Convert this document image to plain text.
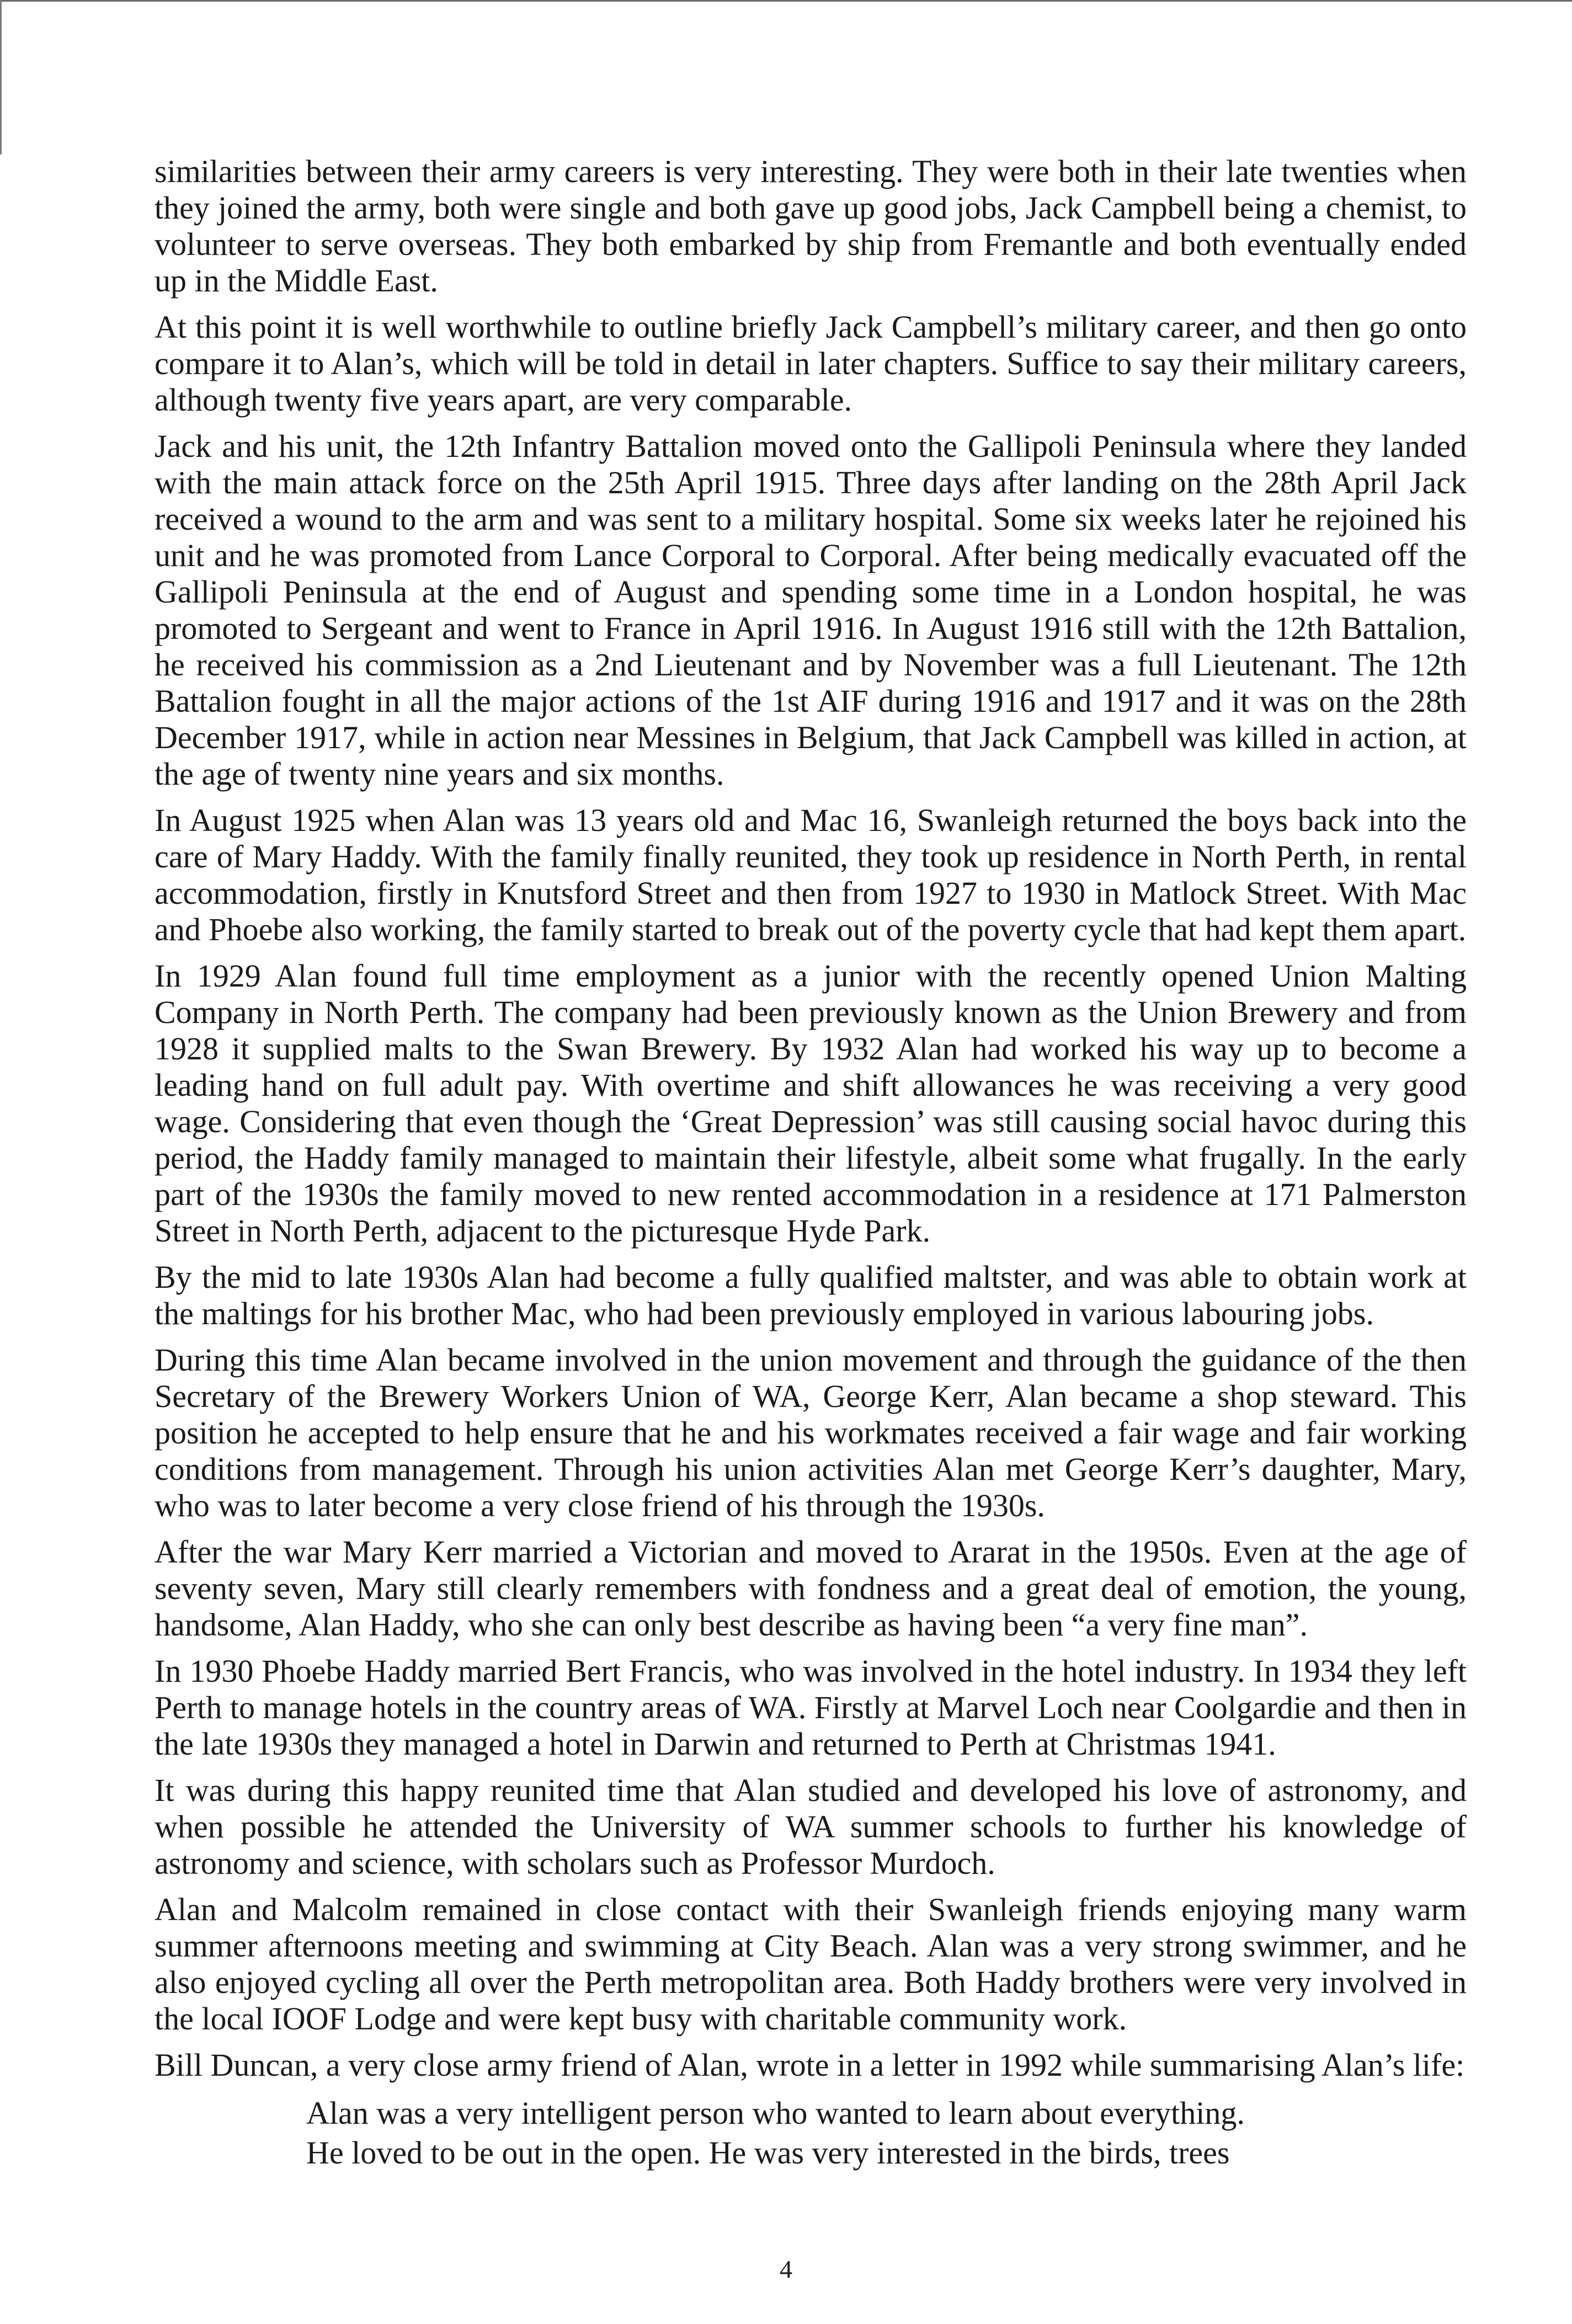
similarities between their army careers is very interesting. They were both in their late twenties when they joined the army, both were single and both gave up good jobs, Jack Campbell being a chemist, to volunteer to serve overseas. They both embarked by ship from Fremantle and both eventually ended up in the Middle East.

At this point it is well worthwhile to outline briefly Jack Campbell’s military career, and then go onto compare it to Alan’s, which will be told in detail in later chapters. Suffice to say their military careers, although twenty five years apart, are very comparable.

Jack and his unit, the 12th Infantry Battalion moved onto the Gallipoli Peninsula where they landed with the main attack force on the 25th April 1915. Three days after landing on the 28th April Jack received a wound to the arm and was sent to a military hospital. Some six weeks later he rejoined his unit and he was promoted from Lance Corporal to Corporal. After being medically evacuated off the Gallipoli Peninsula at the end of August and spending some time in a London hospital, he was promoted to Sergeant and went to France in April 1916. In August 1916 still with the 12th Battalion, he received his commission as a 2nd Lieutenant and by November was a full Lieutenant. The 12th Battalion fought in all the major actions of the 1st AIF during 1916 and 1917 and it was on the 28th December 1917, while in action near Messines in Belgium, that Jack Campbell was killed in action, at the age of twenty nine years and six months.

In August 1925 when Alan was 13 years old and Mac 16, Swanleigh returned the boys back into the care of Mary Haddy. With the family finally reunited, they took up residence in North Perth, in rental accommodation, firstly in Knutsford Street and then from 1927 to 1930 in Matlock Street. With Mac and Phoebe also working, the family started to break out of the poverty cycle that had kept them apart.

In 1929 Alan found full time employment as a junior with the recently opened Union Malting Company in North Perth. The company had been previously known as the Union Brewery and from 1928 it supplied malts to the Swan Brewery. By 1932 Alan had worked his way up to become a leading hand on full adult pay. With overtime and shift allowances he was receiving a very good wage. Considering that even though the ‘Great Depression’ was still causing social havoc during this period, the Haddy family managed to maintain their lifestyle, albeit some what frugally. In the early part of the 1930s the family moved to new rented accommodation in a residence at 171 Palmerston Street in North Perth, adjacent to the picturesque Hyde Park.

By the mid to late 1930s Alan had become a fully qualified maltster, and was able to obtain work at the maltings for his brother Mac, who had been previously employed in various labouring jobs.

During this time Alan became involved in the union movement and through the guidance of the then Secretary of the Brewery Workers Union of WA, George Kerr, Alan became a shop steward. This position he accepted to help ensure that he and his workmates received a fair wage and fair working conditions from management. Through his union activities Alan met George Kerr’s daughter, Mary, who was to later become a very close friend of his through the 1930s.

After the war Mary Kerr married a Victorian and moved to Ararat in the 1950s. Even at the age of seventy seven, Mary still clearly remembers with fondness and a great deal of emotion, the young, handsome, Alan Haddy, who she can only best describe as having been “a very fine man”.

In 1930 Phoebe Haddy married Bert Francis, who was involved in the hotel industry. In 1934 they left Perth to manage hotels in the country areas of WA. Firstly at Marvel Loch near Coolgardie and then in the late 1930s they managed a hotel in Darwin and returned to Perth at Christmas 1941.

It was during this happy reunited time that Alan studied and developed his love of astronomy, and when possible he attended the University of WA summer schools to further his knowledge of astronomy and science, with scholars such as Professor Murdoch.

Alan and Malcolm remained in close contact with their Swanleigh friends enjoying many warm summer afternoons meeting and swimming at City Beach. Alan was a very strong swimmer, and he also enjoyed cycling all over the Perth metropolitan area. Both Haddy brothers were very involved in the local IOOF Lodge and were kept busy with charitable community work.

Bill Duncan, a very close army friend of Alan, wrote in a letter in 1992 while summarising Alan’s life:

Alan was a very intelligent person who wanted to learn about everything.
He loved to be out in the open. He was very interested in the birds, trees
4
